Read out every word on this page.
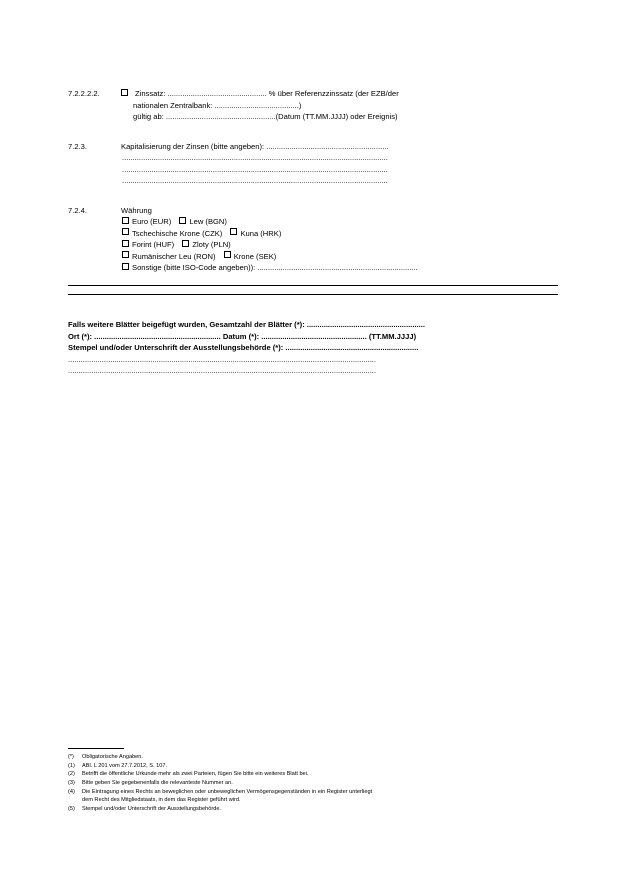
7.2.2.2.2.	Zinssatz: ............................................... % über Referenzzinssatz (der EZB/der
nationalen Zentralbank: ........................................)
gültig ab: ....................................................(Datum (TT.MM.JJJJ) oder Ereignis)
7.2.3.	Kapitalisierung der Zinsen (bitte angeben): ..........................................................
..............................................................................................................................
..............................................................................................................................
..............................................................................................................................
7.2.4.	Währung
Euro (EUR) Lew (BGN)
Tschechische Krone (CZK) Kuna (HRK)
Forint (HUF) Zloty (PLN)
Rumänischer Leu (RON) Krone (SEK)
Sonstige (bitte ISO-Code angeben)): ............................................................................
Falls weitere Blätter beigefügt wurden, Gesamtzahl der Blätter (*): ........................................................
Ort (*): ............................................................ Datum (*): .................................................. (TT.MM.JJJJ)
Stempel und/oder Unterschrift der Ausstellungsbehörde (*): ...............................................................
..................................................................................................................................................
..................................................................................................................................................
(*)	Obligatorische Angaben.
(1)	ABl. L 201 vom 27.7.2012, S. 107.
(2)	Betrifft die öffentliche Urkunde mehr als zwei Parteien, fügen Sie bitte ein weiteres Blatt bei.
(3)	Bitte geben Sie gegebenenfalls die relevanteste Nummer an.
(4)	Die Eintragung eines Rechts an beweglichen oder unbeweglichen Vermögensgegenständen in ein Register unterliegt
dem Recht des Mitgliedstaats, in dem das Register geführt wird.
(5)	Stempel und/oder Unterschrift der Ausstellungsbehörde.
